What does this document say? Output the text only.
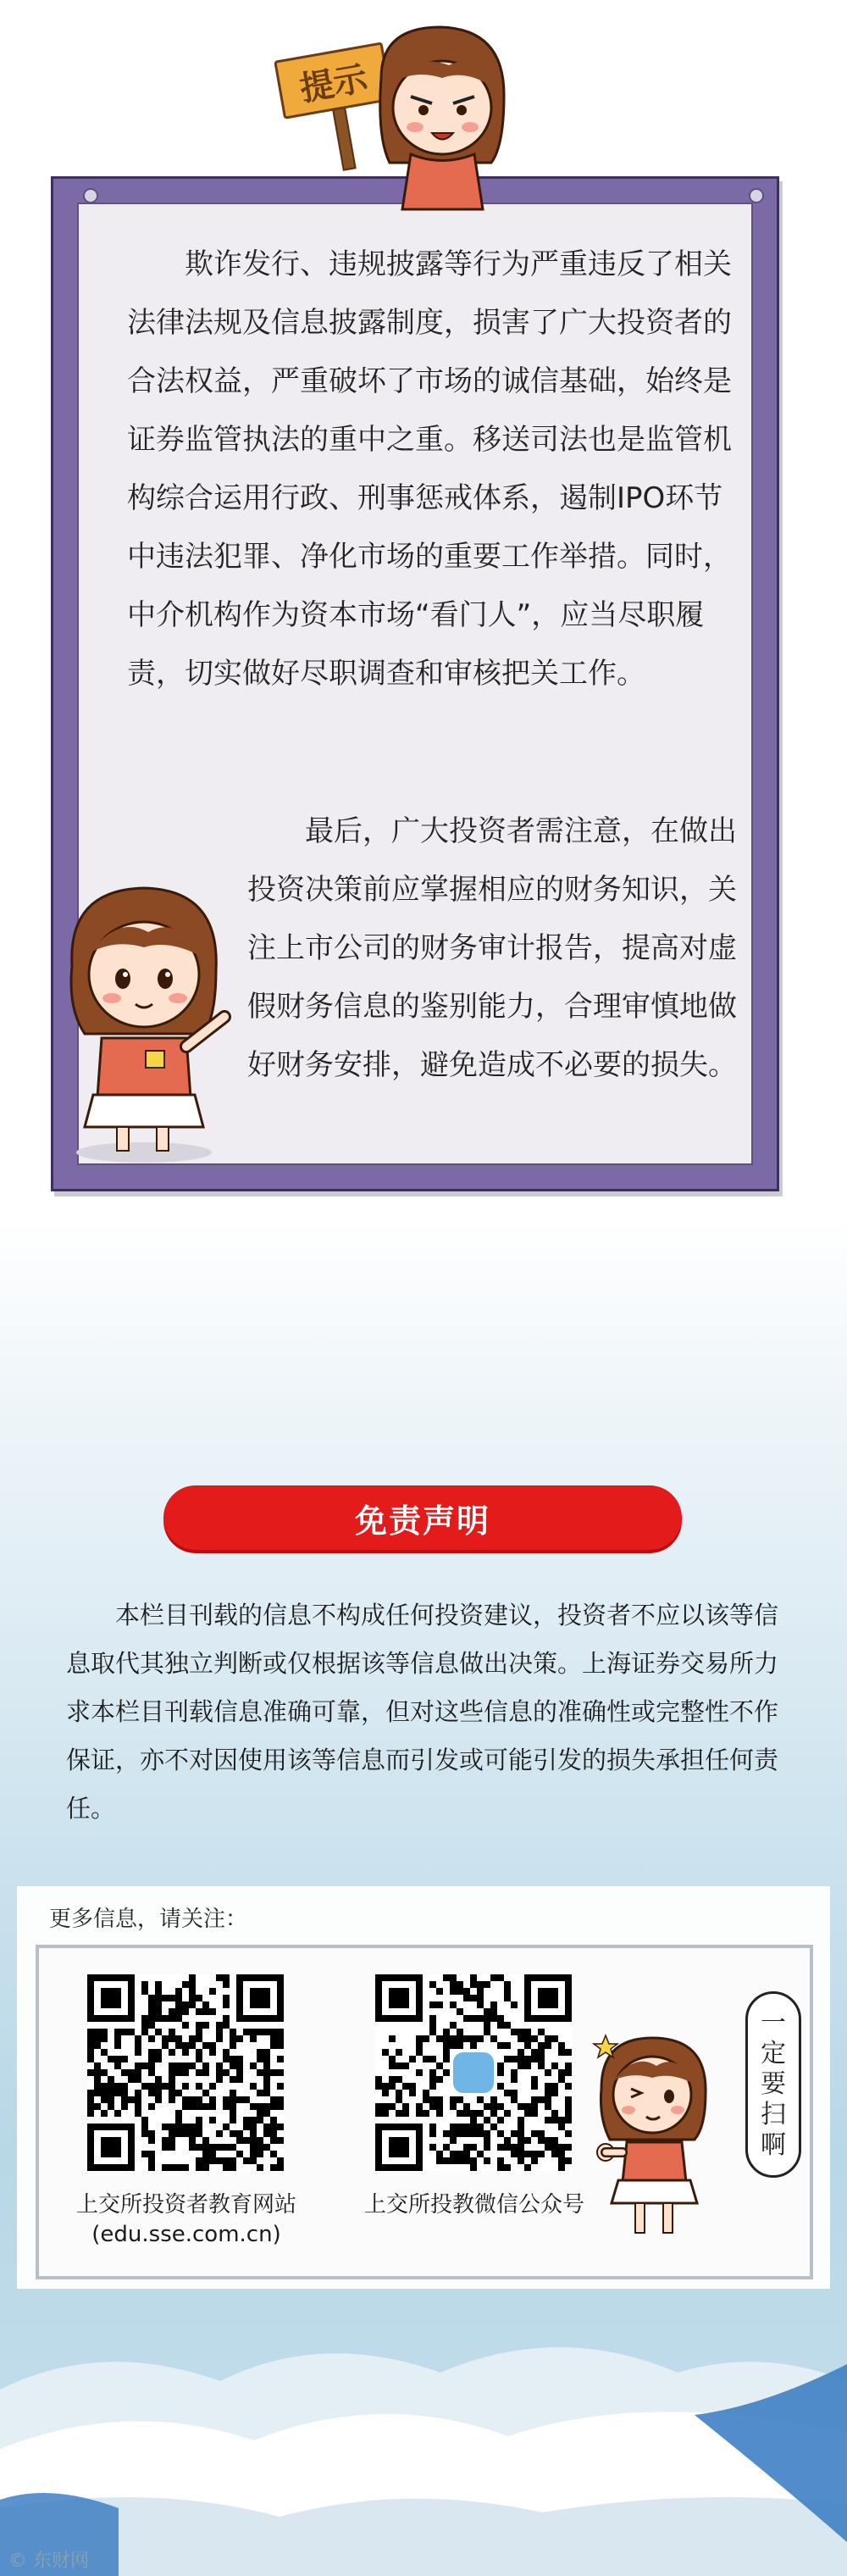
提示

欺诈发行、违规披露等行为严重违反了相关法律法规及信息披露制度，损害了广大投资者的合法权益，严重破坏了市场的诚信基础，始终是证券监管执法的重中之重。移送司法也是监管机构综合运用行政、刑事惩戒体系，遏制IPO环节中违法犯罪、净化市场的重要工作举措。同时，中介机构作为资本市场“看门人”，应当尽职履责，切实做好尽职调查和审核把关工作。

最后，广大投资者需注意，在做出投资决策前应掌握相应的财务知识，关注上市公司的财务审计报告，提高对虚假财务信息的鉴别能力，合理审慎地做好财务安排，避免造成不必要的损失。

免责声明

本栏目刊载的信息不构成任何投资建议，投资者不应以该等信息取代其独立判断或仅根据该等信息做出决策。上海证券交易所力求本栏目刊载信息准确可靠，但对这些信息的准确性或完整性不作保证，亦不对因使用该等信息而引发或可能引发的损失承担任何责任。

更多信息，请关注：
上交所投资者教育网站
(edu.sse.com.cn)
上交所投教微信公众号
一
定
要
扫
啊
© 东财网
